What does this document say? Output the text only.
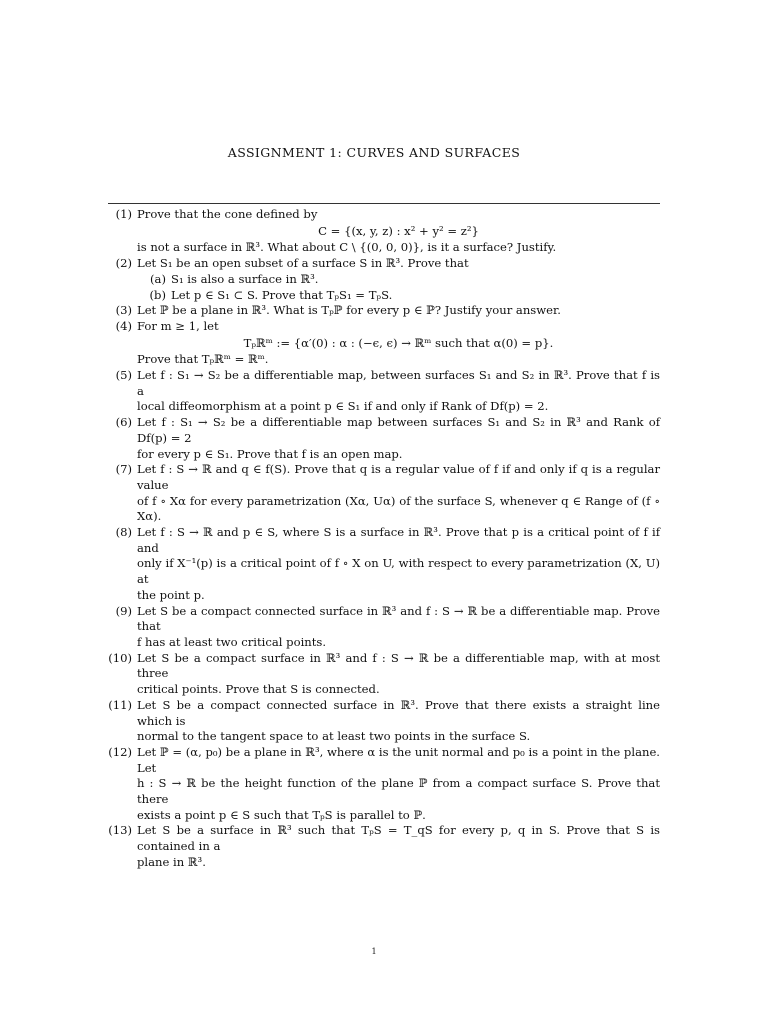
ASSIGNMENT 1: CURVES AND SURFACES
(1) Prove that the cone defined by
C = {(x, y, z) : x² + y² = z²}
is not a surface in ℝ³. What about C \ {(0, 0, 0)}, is it a surface? Justify.
(2) Let S₁ be an open subset of a surface S in ℝ³. Prove that
(a) S₁ is also a surface in ℝ³.
(b) Let p ∈ S₁ ⊂ S. Prove that TₚS₁ = TₚS.
(3) Let ℙ be a plane in ℝ³. What is Tₚℙ for every p ∈ ℙ? Justify your answer.
(4) For m ≥ 1, let
Tₚℝᵐ := {α′(0) : α : (−ϵ, ϵ) → ℝᵐ such that α(0) = p}.
Prove that Tₚℝᵐ = ℝᵐ.
(5) Let f : S₁ → S₂ be a differentiable map, between surfaces S₁ and S₂ in ℝ³. Prove that f is a
local diffeomorphism at a point p ∈ S₁ if and only if Rank of Df(p) = 2.
(6) Let f : S₁ → S₂ be a differentiable map between surfaces S₁ and S₂ in ℝ³ and Rank of Df(p) = 2
for every p ∈ S₁. Prove that f is an open map.
(7) Let f : S → ℝ and q ∈ f(S). Prove that q is a regular value of f if and only if q is a regular value
of f ∘ Xα for every parametrization (Xα, Uα) of the surface S, whenever q ∈ Range of (f ∘ Xα).
(8) Let f : S → ℝ and p ∈ S, where S is a surface in ℝ³. Prove that p is a critical point of f if and
only if X⁻¹(p) is a critical point of f ∘ X on U, with respect to every parametrization (X, U) at
the point p.
(9) Let S be a compact connected surface in ℝ³ and f : S → ℝ be a differentiable map. Prove that
f has at least two critical points.
(10) Let S be a compact surface in ℝ³ and f : S → ℝ be a differentiable map, with at most three
critical points. Prove that S is connected.
(11) Let S be a compact connected surface in ℝ³. Prove that there exists a straight line which is
normal to the tangent space to at least two points in the surface S.
(12) Let ℙ = (α, p₀) be a plane in ℝ³, where α is the unit normal and p₀ is a point in the plane. Let
h : S → ℝ be the height function of the plane ℙ from a compact surface S. Prove that there
exists a point p ∈ S such that TₚS is parallel to ℙ.
(13) Let S be a surface in ℝ³ such that TₚS = T_qS for every p, q in S. Prove that S is contained in a
plane in ℝ³.
1
